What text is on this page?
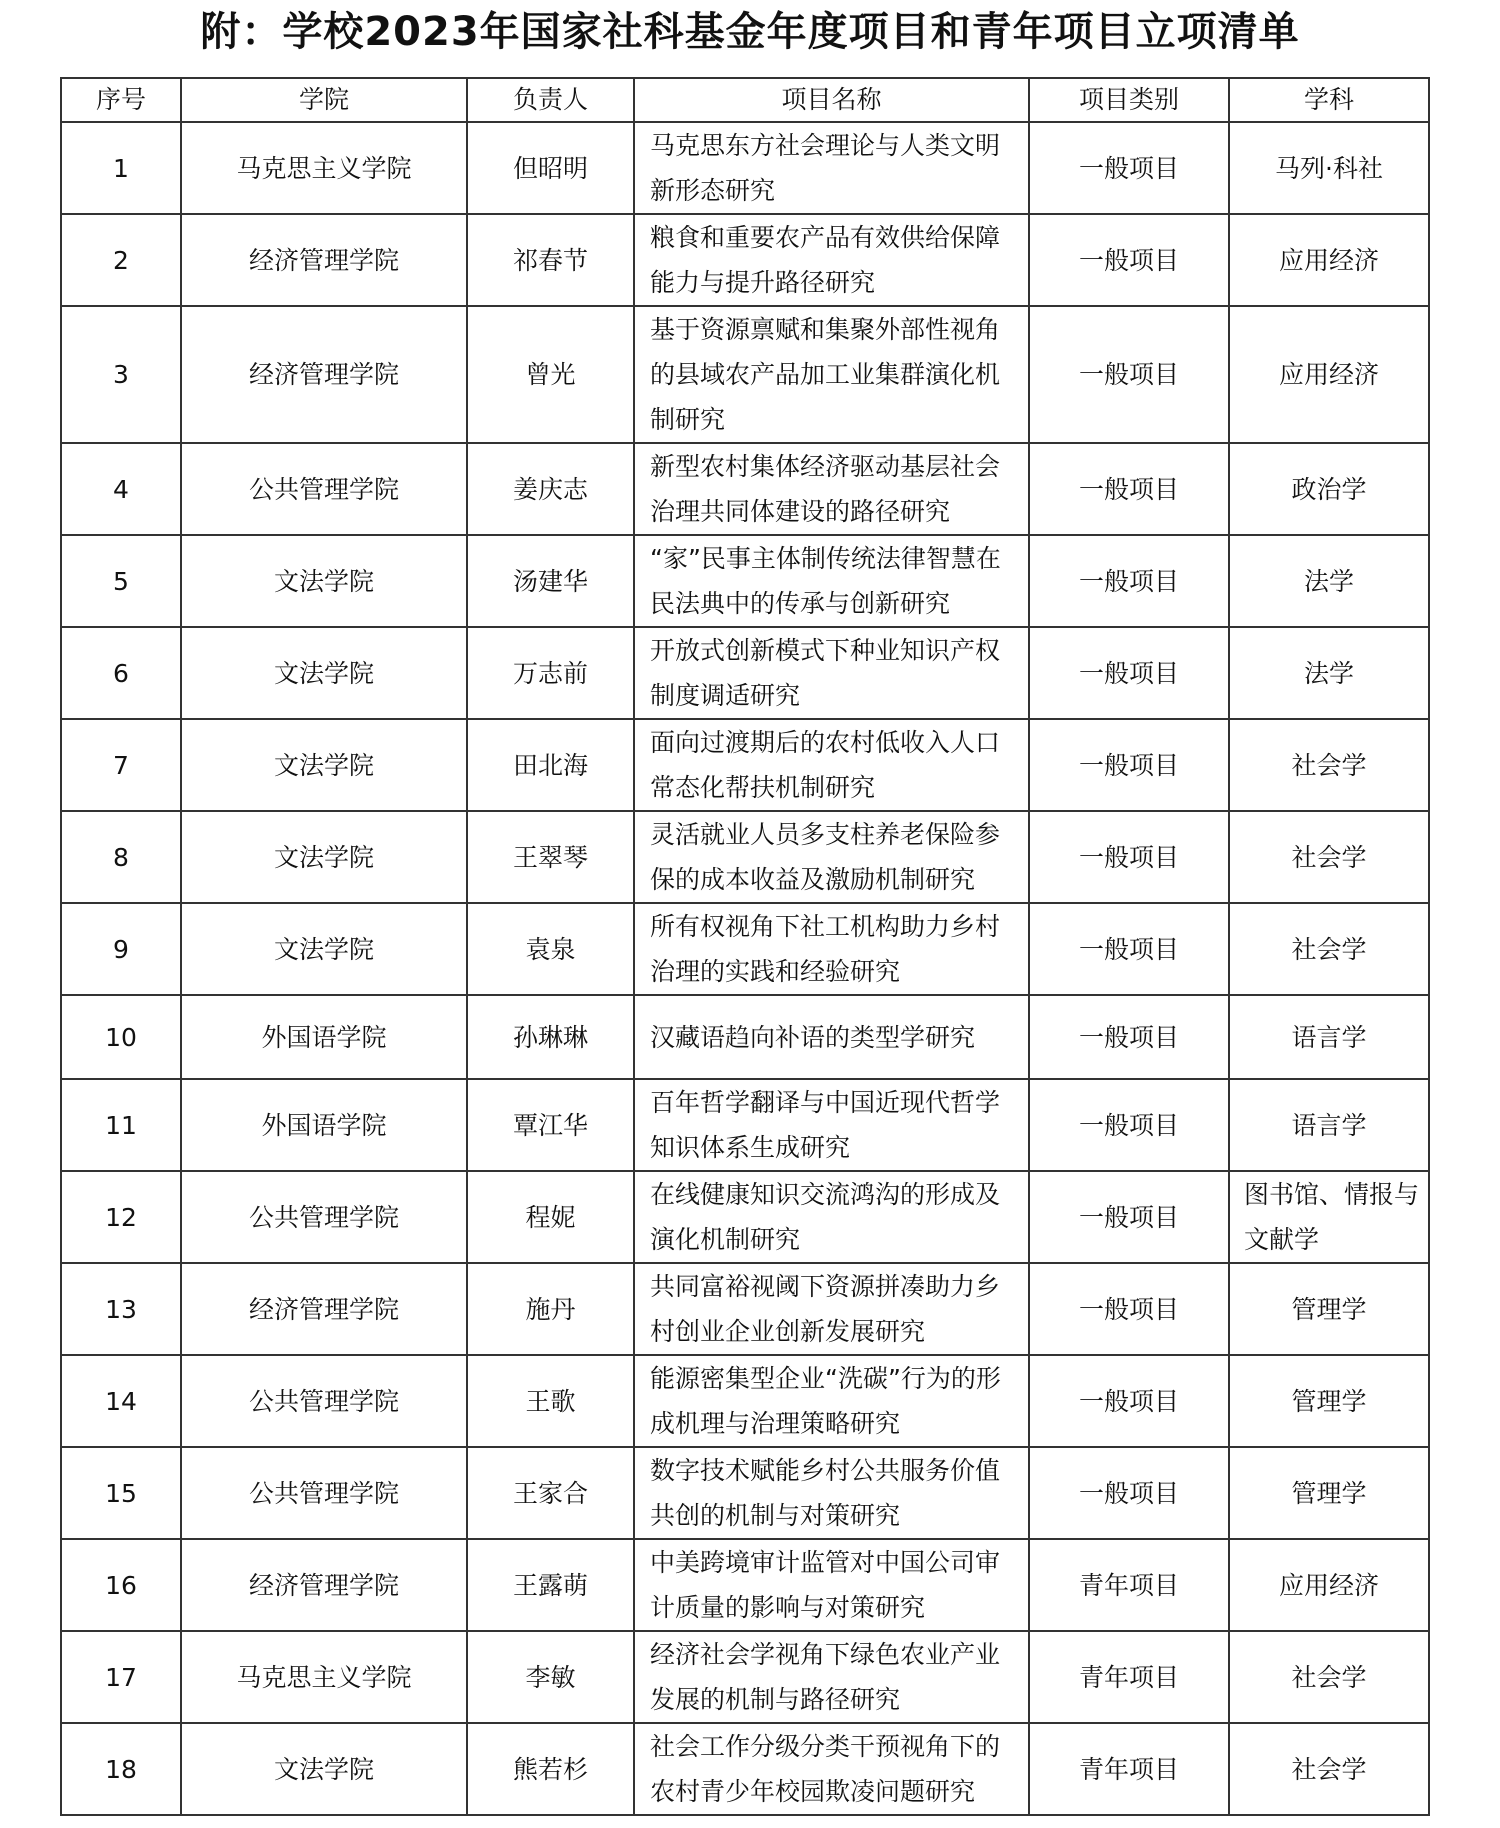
附：学校2023年国家社科基金年度项目和青年项目立项清单
序号	学院	负责人	项目名称	项目类别	学科
1	马克思主义学院	但昭明	马克思东方社会理论与人类文明新形态研究	一般项目	马列·科社
2	经济管理学院	祁春节	粮食和重要农产品有效供给保障能力与提升路径研究	一般项目	应用经济
3	经济管理学院	曾光	基于资源禀赋和集聚外部性视角的县域农产品加工业集群演化机制研究	一般项目	应用经济
4	公共管理学院	姜庆志	新型农村集体经济驱动基层社会治理共同体建设的路径研究	一般项目	政治学
5	文法学院	汤建华	“家”民事主体制传统法律智慧在民法典中的传承与创新研究	一般项目	法学
6	文法学院	万志前	开放式创新模式下种业知识产权制度调适研究	一般项目	法学
7	文法学院	田北海	面向过渡期后的农村低收入人口常态化帮扶机制研究	一般项目	社会学
8	文法学院	王翠琴	灵活就业人员多支柱养老保险参保的成本收益及激励机制研究	一般项目	社会学
9	文法学院	袁泉	所有权视角下社工机构助力乡村治理的实践和经验研究	一般项目	社会学
10	外国语学院	孙琳琳	汉藏语趋向补语的类型学研究	一般项目	语言学
11	外国语学院	覃江华	百年哲学翻译与中国近现代哲学知识体系生成研究	一般项目	语言学
12	公共管理学院	程妮	在线健康知识交流鸿沟的形成及演化机制研究	一般项目	图书馆、情报与文献学
13	经济管理学院	施丹	共同富裕视阈下资源拼凑助力乡村创业企业创新发展研究	一般项目	管理学
14	公共管理学院	王歌	能源密集型企业“洗碳”行为的形成机理与治理策略研究	一般项目	管理学
15	公共管理学院	王家合	数字技术赋能乡村公共服务价值共创的机制与对策研究	一般项目	管理学
16	经济管理学院	王露萌	中美跨境审计监管对中国公司审计质量的影响与对策研究	青年项目	应用经济
17	马克思主义学院	李敏	经济社会学视角下绿色农业产业发展的机制与路径研究	青年项目	社会学
18	文法学院	熊若杉	社会工作分级分类干预视角下的农村青少年校园欺凌问题研究	青年项目	社会学
